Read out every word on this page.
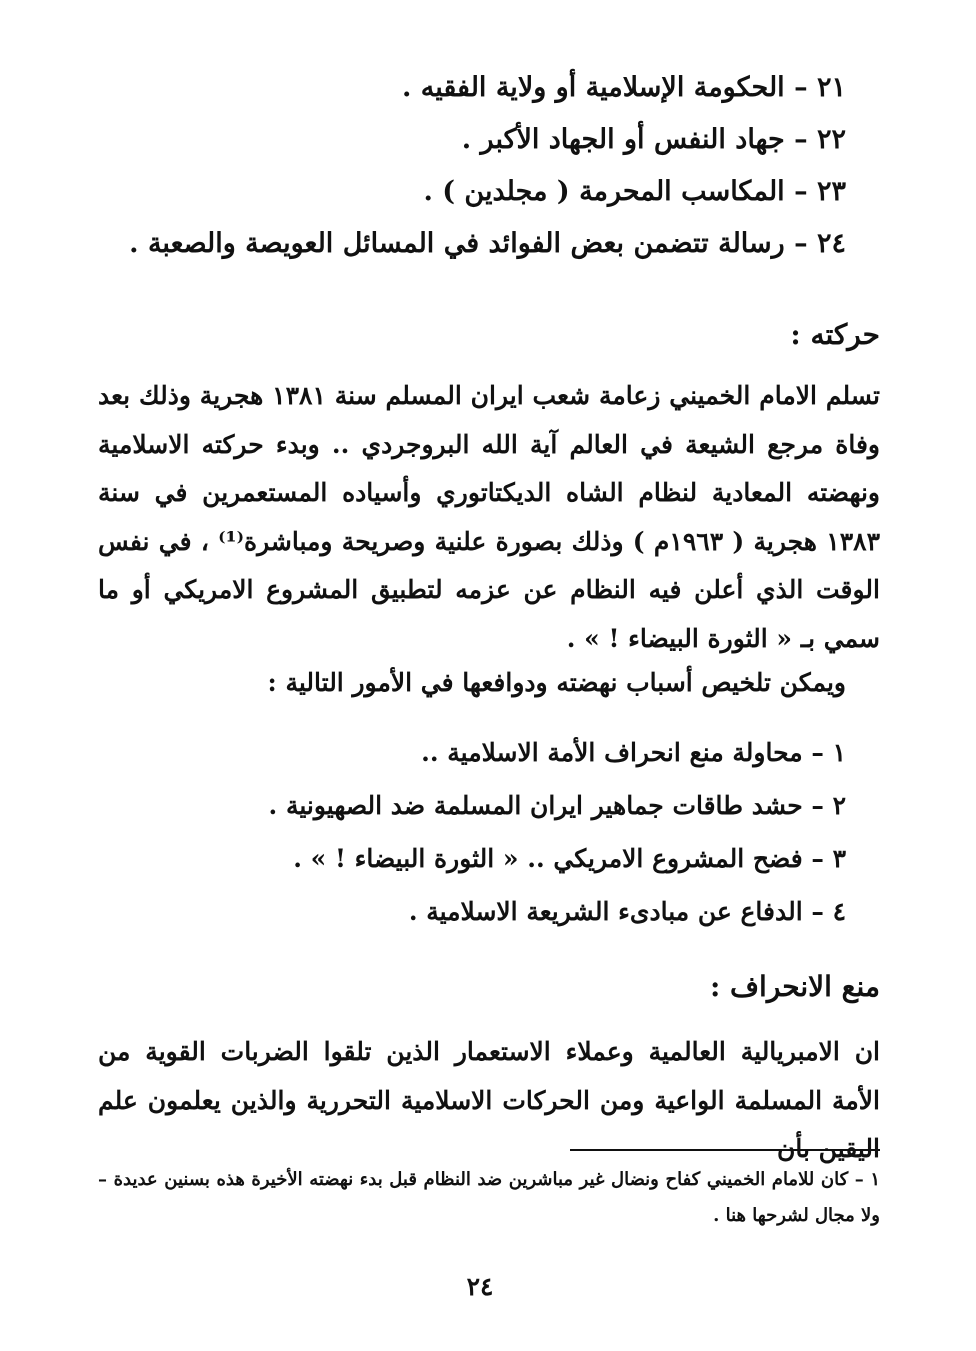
٢١ – الحكومة الإسلامية أو ولاية الفقيه .
٢٢ – جهاد النفس أو الجهاد الأكبر .
٢٣ – المكاسب المحرمة ( مجلدين ) .
٢٤ – رسالة تتضمن بعض الفوائد في المسائل العويصة والصعبة .
حركته :
تسلم الامام الخميني زعامة شعب ايران المسلم سنة ١٣٨١ هجرية وذلك بعد وفاة مرجع الشيعة في العالم آية الله البروجردي .. وبدء حركته الاسلامية ونهضته المعادية لنظام الشاه الديكتاتوري وأسياده المستعمرين في سنة ١٣٨٣ هجرية ( ١٩٦٣م ) وذلك بصورة علنية وصريحة ومباشرة⁽¹⁾ ، في نفس الوقت الذي أعلن فيه النظام عن عزمه لتطبيق المشروع الامريكي أو ما سمي بـ « الثورة البيضاء ! » .
ويمكن تلخيص أسباب نهضته ودوافعها في الأمور التالية :
١ – محاولة منع انحراف الأمة الاسلامية ..
٢ – حشد طاقات جماهير ايران المسلمة ضد الصهيونية .
٣ – فضح المشروع الامريكي .. « الثورة البيضاء ! » .
٤ – الدفاع عن مبادىء الشريعة الاسلامية .
منع الانحراف :
ان الامبريالية العالمية وعملاء الاستعمار الذين تلقوا الضربات القوية من الأمة المسلمة الواعية ومن الحركات الاسلامية التحررية والذين يعلمون علم اليقين بأن
١ – كان للامام الخميني كفاح ونضال غير مباشرين ضد النظام قبل بدء نهضته الأخيرة هذه بسنين عديدة – ولا مجال لشرحها هنا .
٢٤
